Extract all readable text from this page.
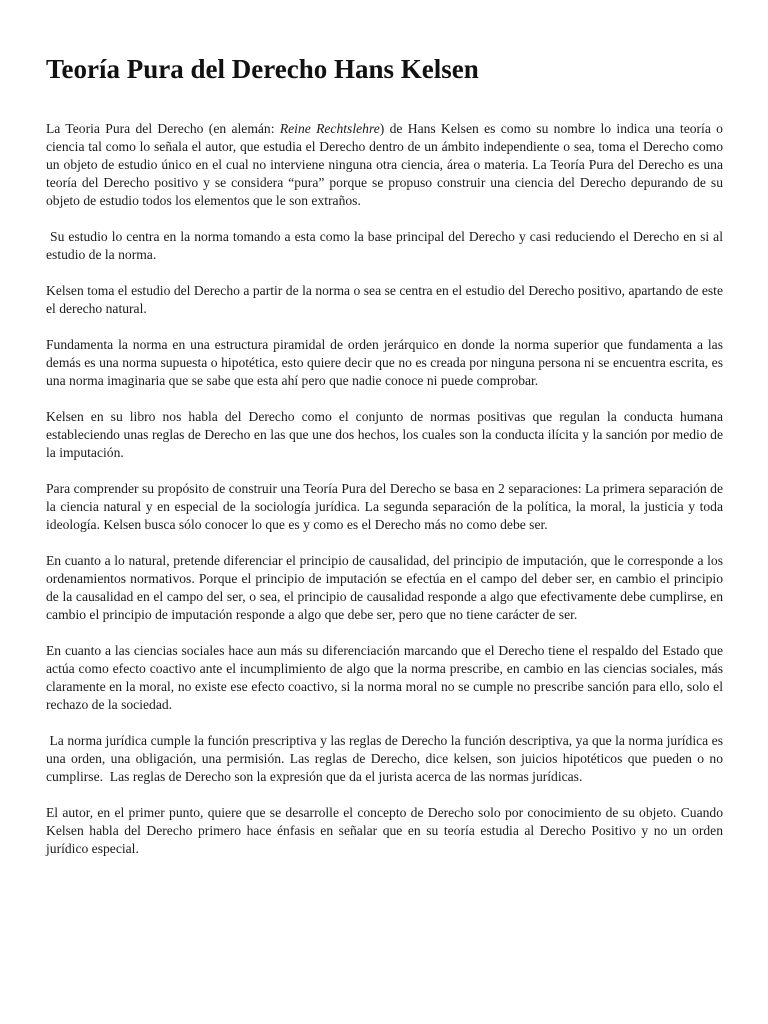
Teoría Pura del Derecho Hans Kelsen

La Teoria Pura del Derecho (en alemán: Reine Rechtslehre) de Hans Kelsen es como su nombre lo indica una teoría o ciencia tal como lo señala el autor, que estudia el Derecho dentro de un ámbito independiente o sea, toma el Derecho como un objeto de estudio único en el cual no interviene ninguna otra ciencia, área o materia. La Teoría Pura del Derecho es una teoría del Derecho positivo y se considera “pura” porque se propuso construir una ciencia del Derecho depurando de su objeto de estudio todos los elementos que le son extraños.

Su estudio lo centra en la norma tomando a esta como la base principal del Derecho y casi reduciendo el Derecho en si al estudio de la norma.

Kelsen toma el estudio del Derecho a partir de la norma o sea se centra en el estudio del Derecho positivo, apartando de este el derecho natural.

Fundamenta la norma en una estructura piramidal de orden jerárquico en donde la norma superior que fundamenta a las demás es una norma supuesta o hipotética, esto quiere decir que no es creada por ninguna persona ni se encuentra escrita, es una norma imaginaria que se sabe que esta ahí pero que nadie conoce ni puede comprobar.

Kelsen en su libro nos habla del Derecho como el conjunto de normas positivas que regulan la conducta humana estableciendo unas reglas de Derecho en las que une dos hechos, los cuales son la conducta ilícita y la sanción por medio de la imputación.

Para comprender su propósito de construir una Teoría Pura del Derecho se basa en 2 separaciones: La primera separación de la ciencia natural y en especial de la sociología jurídica. La segunda separación de la política, la moral, la justicia y toda ideología. Kelsen busca sólo conocer lo que es y como es el Derecho más no como debe ser.

En cuanto a lo natural, pretende diferenciar el principio de causalidad, del principio de imputación, que le corresponde a los ordenamientos normativos. Porque el principio de imputación se efectúa en el campo del deber ser, en cambio el principio de la causalidad en el campo del ser, o sea, el principio de causalidad responde a algo que efectivamente debe cumplirse, en cambio el principio de imputación responde a algo que debe ser, pero que no tiene carácter de ser.

En cuanto a las ciencias sociales hace aun más su diferenciación marcando que el Derecho tiene el respaldo del Estado que actúa como efecto coactivo ante el incumplimiento de algo que la norma prescribe, en cambio en las ciencias sociales, más claramente en la moral, no existe ese efecto coactivo, si la norma moral no se cumple no prescribe sanción para ello, solo el rechazo de la sociedad.

La norma jurídica cumple la función prescriptiva y las reglas de Derecho la función descriptiva, ya que la norma jurídica es una orden, una obligación, una permisión. Las reglas de Derecho, dice kelsen, son juicios hipotéticos que pueden o no cumplirse.  Las reglas de Derecho son la expresión que da el jurista acerca de las normas jurídicas.

El autor, en el primer punto, quiere que se desarrolle el concepto de Derecho solo por conocimiento de su objeto. Cuando Kelsen habla del Derecho primero hace énfasis en señalar que en su teoría estudia al Derecho Positivo y no un orden jurídico especial.
